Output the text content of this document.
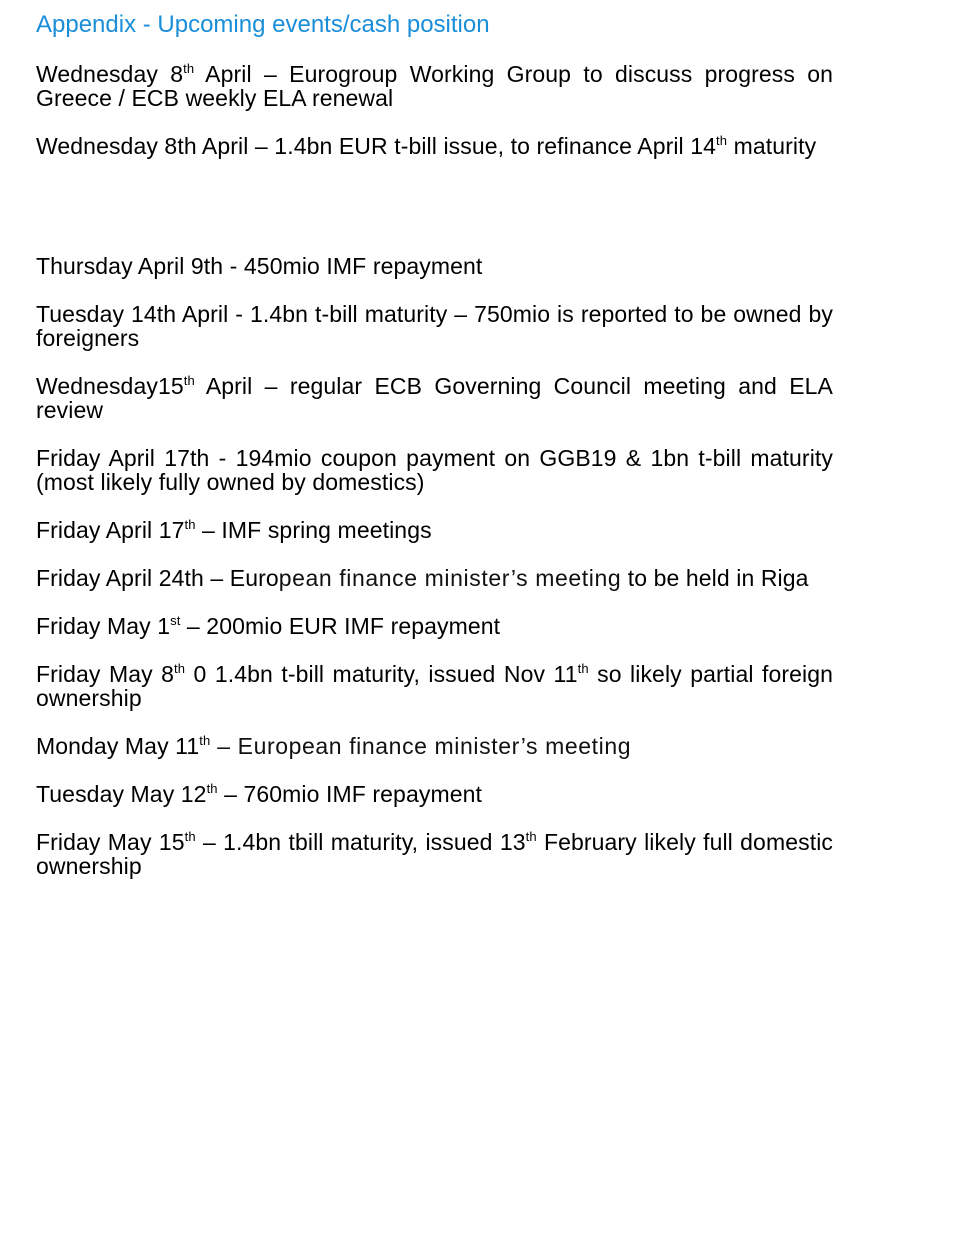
Appendix - Upcoming events/cash position
Wednesday 8th April – Eurogroup Working Group to discuss progress on Greece / ECB weekly ELA renewal
Wednesday 8th April – 1.4bn EUR t-bill issue, to refinance April 14th maturity
Thursday April 9th - 450mio IMF repayment
Tuesday 14th April - 1.4bn t-bill maturity – 750mio is reported to be owned by foreigners
Wednesday15th April – regular ECB Governing Council meeting and ELA review
Friday April 17th - 194mio coupon payment on GGB19 & 1bn t-bill maturity (most likely fully owned by domestics)
Friday April 17th – IMF spring meetings
Friday April 24th – European finance minister’s meeting to be held in Riga
Friday May 1st – 200mio EUR IMF repayment
Friday May 8th 0 1.4bn t-bill maturity, issued Nov 11th so likely partial foreign ownership
Monday May 11th – European finance minister’s meeting
Tuesday May 12th – 760mio IMF repayment
Friday May 15th – 1.4bn tbill maturity, issued 13th February likely full domestic ownership
